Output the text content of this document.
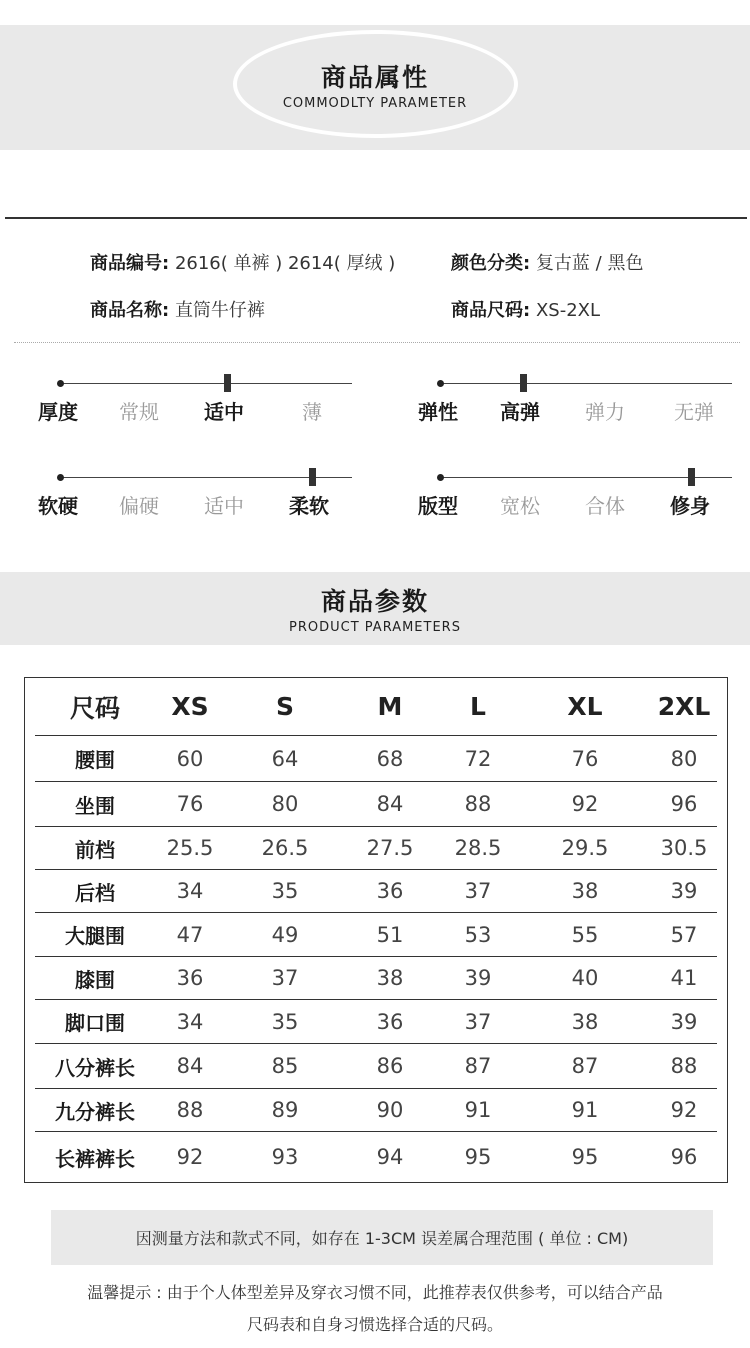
商品属性
COMMODLTY PARAMETER
商品编号: 2616( 单裤 ) 2614( 厚绒 )	颜色分类: 复古蓝 / 黑色
商品名称: 直筒牛仔裤	商品尺码: XS-2XL
厚度 常规 适中	薄	弹性 高弹 弹力 无弹
软硬 偏硬 适中 柔软	版型 宽松 合体 修身
商品参数
PRODUCT PARAMETERS
尺码	XS	S	M	L	XL	2XL
腰围	60	64	68	72	76	80
坐围	76	80	84	88	92	96
前档	25.5	26.5	27.5	28.5	29.5	30.5
后档	34	35	36	37	38	39
大腿围	47	49	51	53	55	57
膝围	36	37	38	39	40	41
脚口围	34	35	36	37	38	39
八分裤长	84	85	86	87	87	88
九分裤长	88	89	90	91	91	92
长裤裤长	92	93	94	95	95	96
因测量方法和款式不同，如存在 1-3CM 误差属合理范围 ( 单位 : CM)
温馨提示 : 由于个人体型差异及穿衣习惯不同，此推荐表仅供参考，可以结合产品
尺码表和自身习惯选择合适的尺码。
